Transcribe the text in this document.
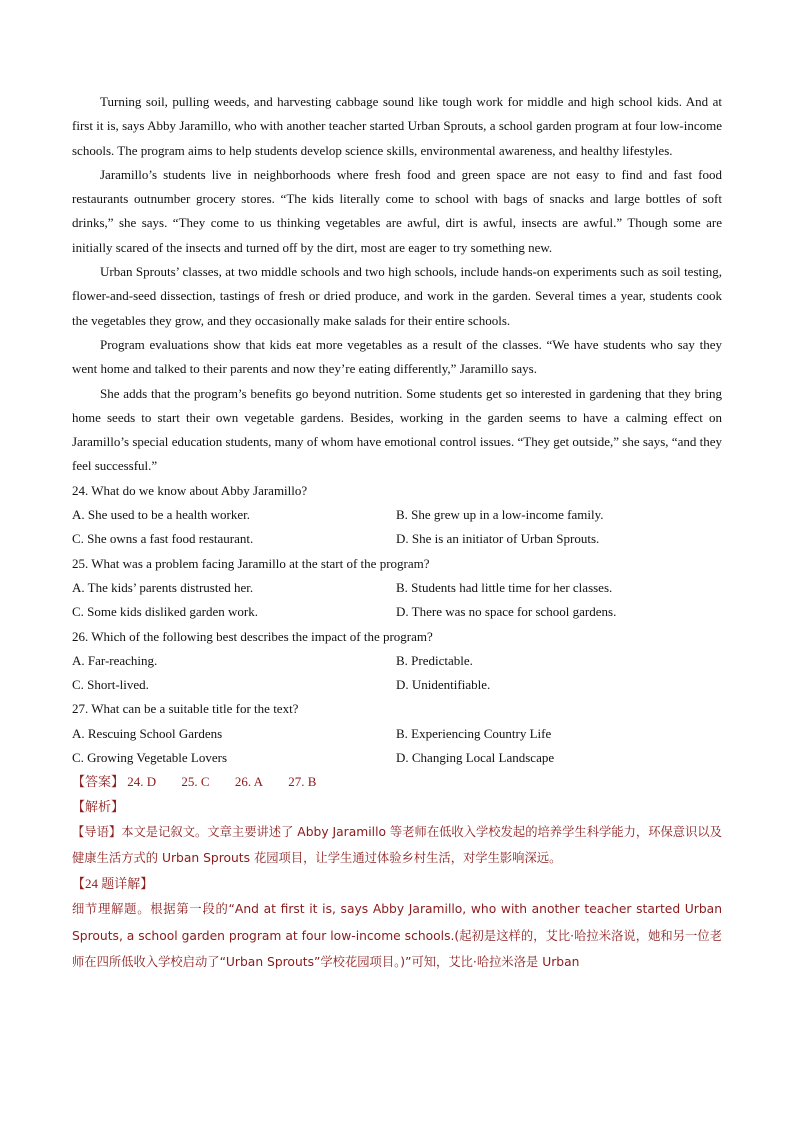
Turning soil, pulling weeds, and harvesting cabbage sound like tough work for middle and high school kids. And at first it is, says Abby Jaramillo, who with another teacher started Urban Sprouts, a school garden program at four low-income schools. The program aims to help students develop science skills, environmental awareness, and healthy lifestyles.

Jaramillo’s students live in neighborhoods where fresh food and green space are not easy to find and fast food restaurants outnumber grocery stores. “The kids literally come to school with bags of snacks and large bottles of soft drinks,” she says. “They come to us thinking vegetables are awful, dirt is awful, insects are awful.” Though some are initially scared of the insects and turned off by the dirt, most are eager to try something new.

Urban Sprouts’ classes, at two middle schools and two high schools, include hands-on experiments such as soil testing, flower-and-seed dissection, tastings of fresh or dried produce, and work in the garden. Several times a year, students cook the vegetables they grow, and they occasionally make salads for their entire schools.

Program evaluations show that kids eat more vegetables as a result of the classes. “We have students who say they went home and talked to their parents and now they’re eating differently,” Jaramillo says.

She adds that the program’s benefits go beyond nutrition. Some students get so interested in gardening that they bring home seeds to start their own vegetable gardens. Besides, working in the garden seems to have a calming effect on Jaramillo’s special education students, many of whom have emotional control issues. “They get outside,” she says, “and they feel successful.”

24. What do we know about Abby Jaramillo?

A. She used to be a health worker.	B. She grew up in a low-income family.
C. She owns a fast food restaurant.	D. She is an initiator of Urban Sprouts.

25. What was a problem facing Jaramillo at the start of the program?

A. The kids’ parents distrusted her.	B. Students had little time for her classes.
C. Some kids disliked garden work.	D. There was no space for school gardens.

26. Which of the following best describes the impact of the program?

A. Far-reaching.	B. Predictable.
C. Short-lived.	D. Unidentifiable.

27. What can be a suitable title for the text?

A. Rescuing School Gardens	B. Experiencing Country Life
C. Growing Vegetable Lovers	D. Changing Local Landscape

【答案】 24. D 25. C 26. A 27. B

【解析】

【导语】本文是记叙文。文章主要讲述了 Abby Jaramillo 等老师在低收入学校发起的培养学生科学能力，环保意识以及健康生活方式的 Urban Sprouts 花园项目，让学生通过体验乡村生活，对学生影响深远。

【24 题详解】

细节理解题。根据第一段的“And at first it is, says Abby Jaramillo, who with another teacher started Urban Sprouts, a school garden program at four low-income schools.(起初是这样的，艾比·哈拉米洛说，她和另一位老师在四所低收入学校启动了“Urban Sprouts”学校花园项目。)”可知，艾比·哈拉米洛是 Urban
